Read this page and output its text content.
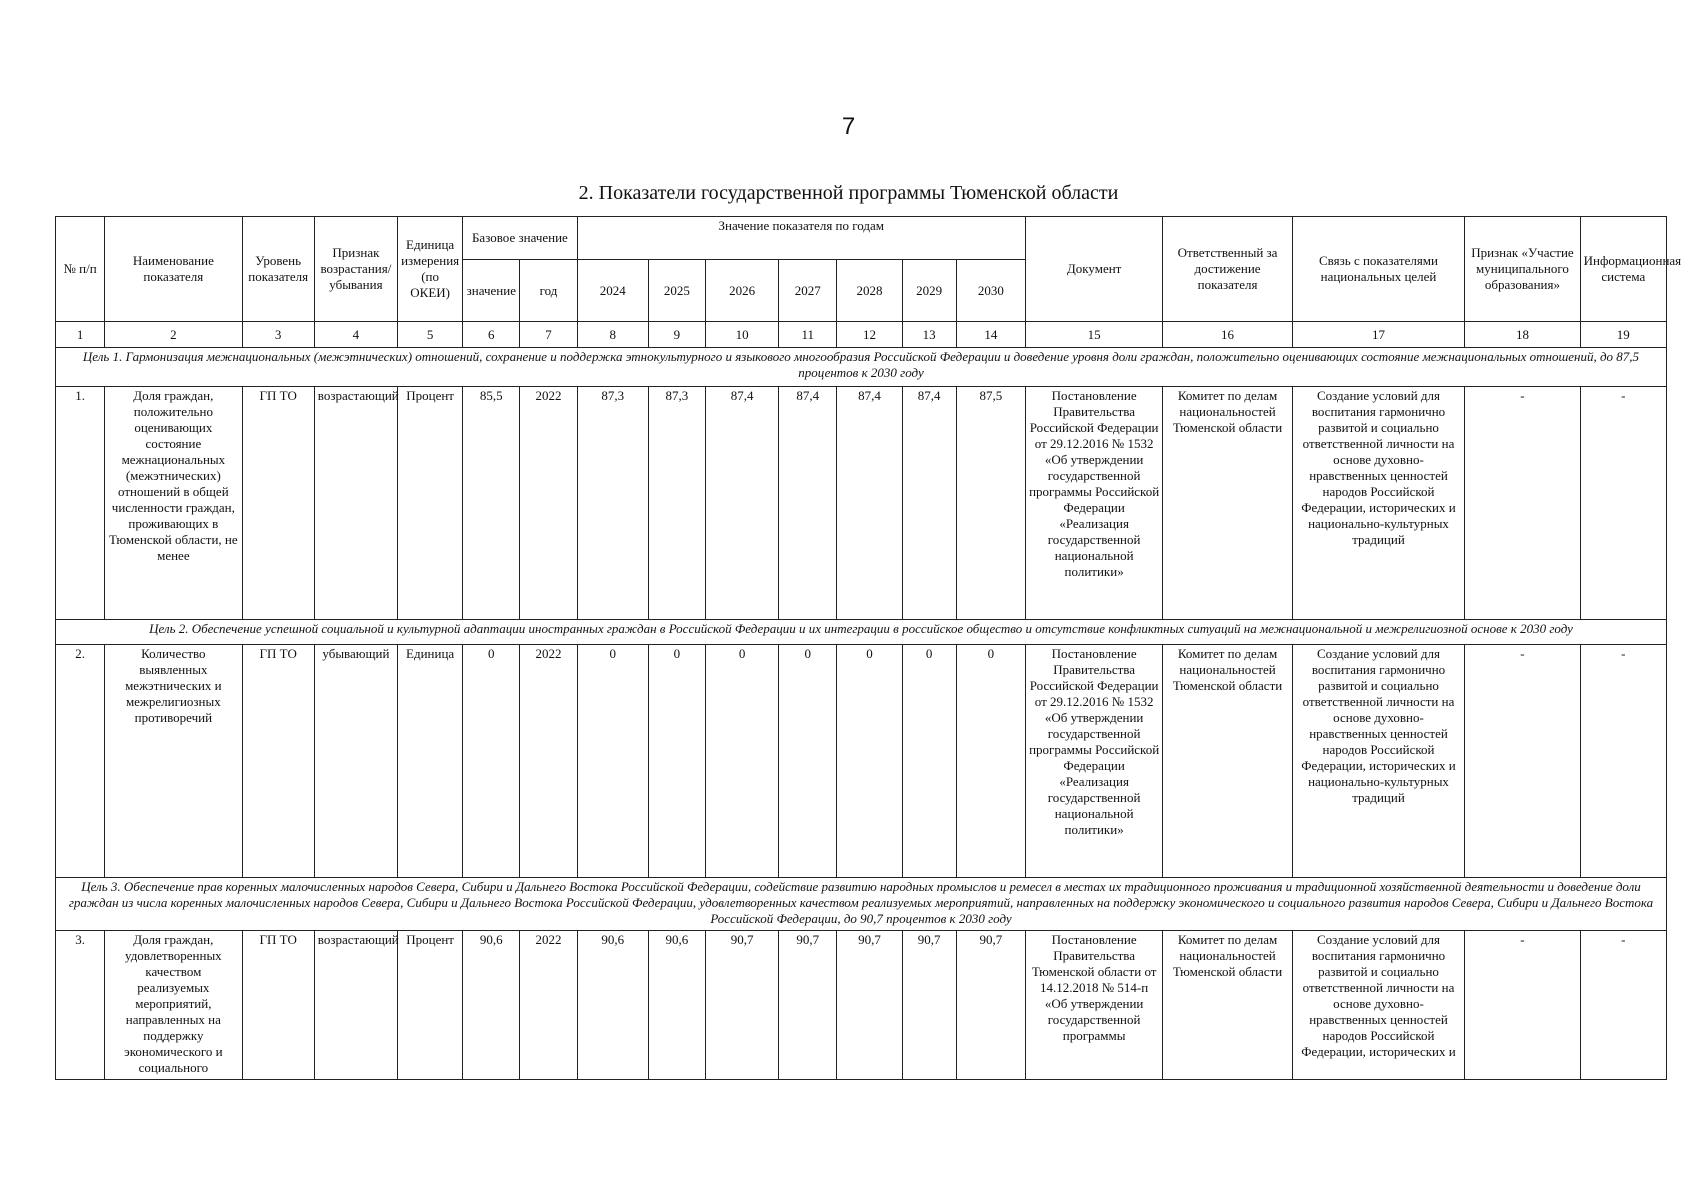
7
2. Показатели государственной программы Тюменской области
№ п/п	Наименование показателя	Уровень показателя	Признак возрастания/ убывания	Единица измерения (по ОКЕИ)	Базовое значение		Значение показателя по годам							Документ	Ответственный за достижение показателя	Связь с показателями национальных целей	Признак «Участие муниципального образования»	Информационная система
					значение	год	2024	2025	2026	2027	2028	2029	2030					
1	2	3	4	5	6	7	8	9	10	11	12	13	14	15	16	17	18	19
Цель 1. Гармонизация межнациональных (межэтнических) отношений, сохранение и поддержка этнокультурного и языкового многообразия Российской Федерации и доведение уровня доли граждан, положительно оценивающих состояние межнациональных отношений, до 87,5 процентов к 2030 году																		
1.	Доля граждан, положительно оценивающих состояние межнациональных (межэтнических) отношений в общей численности граждан, проживающих в Тюменской области, не менее	ГП ТО	возрастающий	Процент	85,5	2022	87,3	87,3	87,4	87,4	87,4	87,4	87,5	Постановление Правительства Российской Федерации от 29.12.2016 № 1532 «Об утверждении государственной программы Российской Федерации «Реализация государственной национальной политики»	Комитет по делам национальностей Тюменской области	Создание условий для воспитания гармонично развитой и социально ответственной личности на основе духовно-нравственных ценностей народов Российской Федерации, исторических и национально-культурных традиций	-	-
Цель 2. Обеспечение успешной социальной и культурной адаптации иностранных граждан в Российской Федерации и их интеграции в российское общество и отсутствие конфликтных ситуаций на межнациональной и межрелигиозной основе к 2030 году																		
2.	Количество выявленных межэтнических и межрелигиозных противоречий	ГП ТО	убывающий	Единица	0	2022	0	0	0	0	0	0	0	Постановление Правительства Российской Федерации от 29.12.2016 № 1532 «Об утверждении государственной программы Российской Федерации «Реализация государственной национальной политики»	Комитет по делам национальностей Тюменской области	Создание условий для воспитания гармонично развитой и социально ответственной личности на основе духовно-нравственных ценностей народов Российской Федерации, исторических и национально-культурных традиций	-	-
Цель 3. Обеспечение прав коренных малочисленных народов Севера, Сибири и Дальнего Востока Российской Федерации, содействие развитию народных промыслов и ремесел в местах их традиционного проживания и традиционной хозяйственной деятельности и доведение доли граждан из числа коренных малочисленных народов Севера, Сибири и Дальнего Востока Российской Федерации, удовлетворенных качеством реализуемых мероприятий, направленных на поддержку экономического и социального развития народов Севера, Сибири и Дальнего Востока Российской Федерации, до 90,7 процентов к 2030 году																		
3.	Доля граждан, удовлетворенных качеством реализуемых мероприятий, направленных на поддержку экономического и социального	ГП ТО	возрастающий	Процент	90,6	2022	90,6	90,6	90,7	90,7	90,7	90,7	90,7	Постановление Правительства Тюменской области от 14.12.2018 № 514-п «Об утверждении государственной программы	Комитет по делам национальностей Тюменской области	Создание условий для воспитания гармонично развитой и социально ответственной личности на основе духовно-нравственных ценностей народов Российской Федерации, исторических и	-	-
